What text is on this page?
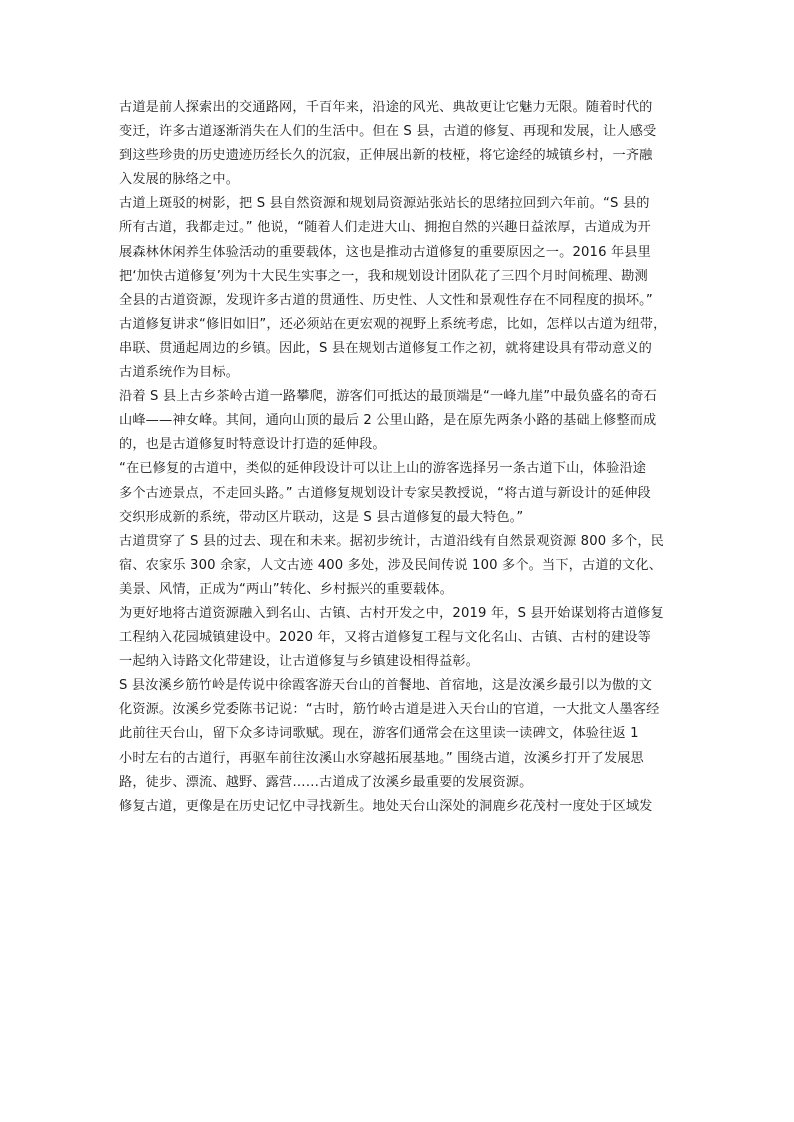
古道是前人探索出的交通路网，千百年来，沿途的风光、典故更让它魅力无限。随着时代的
变迁，许多古道逐渐消失在人们的生活中。但在 S 县，古道的修复、再现和发展，让人感受
到这些珍贵的历史遗迹历经长久的沉寂，正伸展出新的枝桠，将它途经的城镇乡村，一齐融
入发展的脉络之中。
古道上斑驳的树影，把 S 县自然资源和规划局资源站张站长的思绪拉回到六年前。“S 县的
所有古道，我都走过。” 他说，“随着人们走进大山、拥抱自然的兴趣日益浓厚，古道成为开
展森林休闲养生体验活动的重要载体，这也是推动古道修复的重要原因之一。2016 年县里
把‘加快古道修复’列为十大民生实事之一，我和规划设计团队花了三四个月时间梳理、勘测
全县的古道资源，发现许多古道的贯通性、历史性、人文性和景观性存在不同程度的损坏。”
古道修复讲求“修旧如旧”，还必须站在更宏观的视野上系统考虑，比如，怎样以古道为纽带，
串联、贯通起周边的乡镇。因此，S 县在规划古道修复工作之初，就将建设具有带动意义的
古道系统作为目标。
沿着 S 县上古乡茶岭古道一路攀爬，游客们可抵达的最顶端是“一峰九崖”中最负盛名的奇石
山峰——神女峰。其间，通向山顶的最后 2 公里山路，是在原先两条小路的基础上修整而成
的，也是古道修复时特意设计打造的延伸段。
“在已修复的古道中，类似的延伸段设计可以让上山的游客选择另一条古道下山，体验沿途
多个古迹景点，不走回头路。” 古道修复规划设计专家吴教授说，“将古道与新设计的延伸段
交织形成新的系统，带动区片联动，这是 S 县古道修复的最大特色。”
古道贯穿了 S 县的过去、现在和未来。据初步统计，古道沿线有自然景观资源 800 多个，民
宿、农家乐 300 余家，人文古迹 400 多处，涉及民间传说 100 多个。当下，古道的文化、
美景、风情，正成为“两山”转化、乡村振兴的重要载体。
为更好地将古道资源融入到名山、古镇、古村开发之中，2019 年，S 县开始谋划将古道修复
工程纳入花园城镇建设中。2020 年，又将古道修复工程与文化名山、古镇、古村的建设等
一起纳入诗路文化带建设，让古道修复与乡镇建设相得益彰。
S 县汝溪乡筋竹岭是传说中徐霞客游天台山的首餐地、首宿地，这是汝溪乡最引以为傲的文
化资源。汝溪乡党委陈书记说：“古时，筋竹岭古道是进入天台山的官道，一大批文人墨客经
此前往天台山，留下众多诗词歌赋。现在，游客们通常会在这里读一读碑文，体验往返 1
小时左右的古道行，再驱车前往汝溪山水穿越拓展基地。” 围绕古道，汝溪乡打开了发展思
路，徒步、漂流、越野、露营……古道成了汝溪乡最重要的发展资源。
修复古道，更像是在历史记忆中寻找新生。地处天台山深处的洞鹿乡花茂村一度处于区域发
